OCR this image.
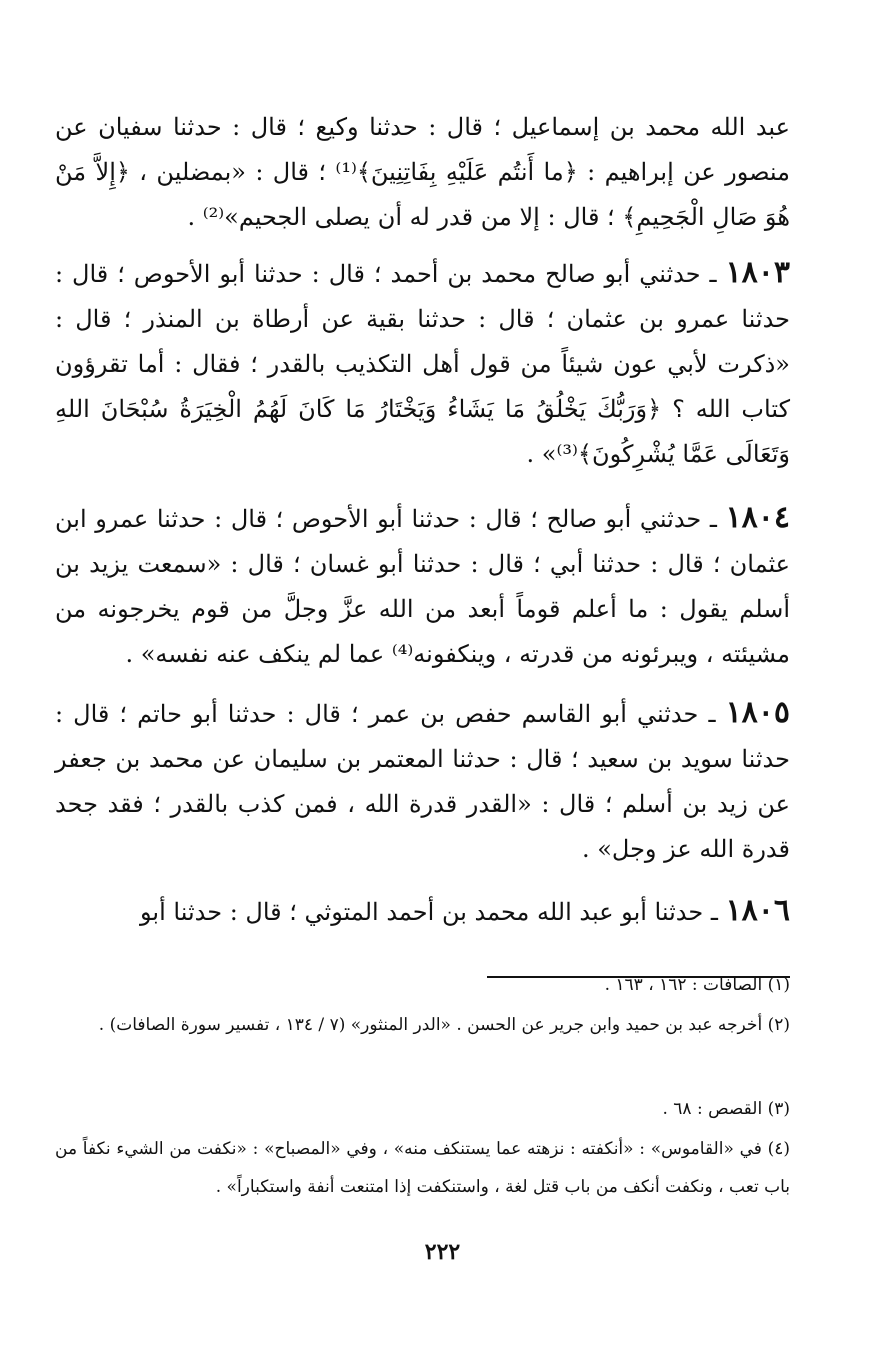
عبد الله محمد بن إسماعيل ؛ قال : حدثنا وكيع ؛ قال : حدثنا سفيان عن منصور عن إبراهيم : ﴿ما أَنتُم عَلَيْهِ بِفَاتِنِينَ﴾⁽¹⁾ ؛ قال : «بمضلين ، ﴿إِلاَّ مَنْ هُوَ صَالِ الْجَحِيمِ﴾ ؛ قال : إلا من قدر له أن يصلى الجحيم»⁽²⁾ .

١٨٠٣ ـ حدثني أبو صالح محمد بن أحمد ؛ قال : حدثنا أبو الأحوص ؛ قال : حدثنا عمرو بن عثمان ؛ قال : حدثنا بقية عن أرطاة بن المنذر ؛ قال : «ذكرت لأبي عون شيئاً من قول أهل التكذيب بالقدر ؛ فقال : أما تقرؤون كتاب الله ؟ ﴿وَرَبُّكَ يَخْلُقُ مَا يَشَاءُ وَيَخْتَارُ مَا كَانَ لَهُمُ الْخِيَرَةُ سُبْحَانَ اللهِ وَتَعَالَى عَمَّا يُشْرِكُونَ﴾⁽³⁾» .

١٨٠٤ ـ حدثني أبو صالح ؛ قال : حدثنا أبو الأحوص ؛ قال : حدثنا عمرو ابن عثمان ؛ قال : حدثنا أبي ؛ قال : حدثنا أبو غسان ؛ قال : «سمعت يزيد بن أسلم يقول : ما أعلم قوماً أبعد من الله عزَّ وجلَّ من قوم يخرجونه من مشيئته ، ويبرئونه من قدرته ، وينكفونه⁽⁴⁾ عما لم ينكف عنه نفسه» .

١٨٠٥ ـ حدثني أبو القاسم حفص بن عمر ؛ قال : حدثنا أبو حاتم ؛ قال : حدثنا سويد بن سعيد ؛ قال : حدثنا المعتمر بن سليمان عن محمد بن جعفر عن زيد بن أسلم ؛ قال : «القدر قدرة الله ، فمن كذب بالقدر ؛ فقد جحد قدرة الله عز وجل» .

١٨٠٦ ـ حدثنا أبو عبد الله محمد بن أحمد المتوثي ؛ قال : حدثنا أبو

(١) الصافات : ١٦٢ ، ١٦٣ .

(٢) أخرجه عبد بن حميد وابن جرير عن الحسن . «الدر المنثور» (٧ / ١٣٤ ، تفسير سورة الصافات) .

(٣) القصص : ٦٨ .

(٤) في «القاموس» : «أنكفته : نزهته عما يستنكف منه» ، وفي «المصباح» : «نكفت من الشيء نكفاً من باب تعب ، ونكفت أنكف من باب قتل لغة ، واستنكفت إذا امتنعت أنفة واستكباراً» .

٢٢٢
